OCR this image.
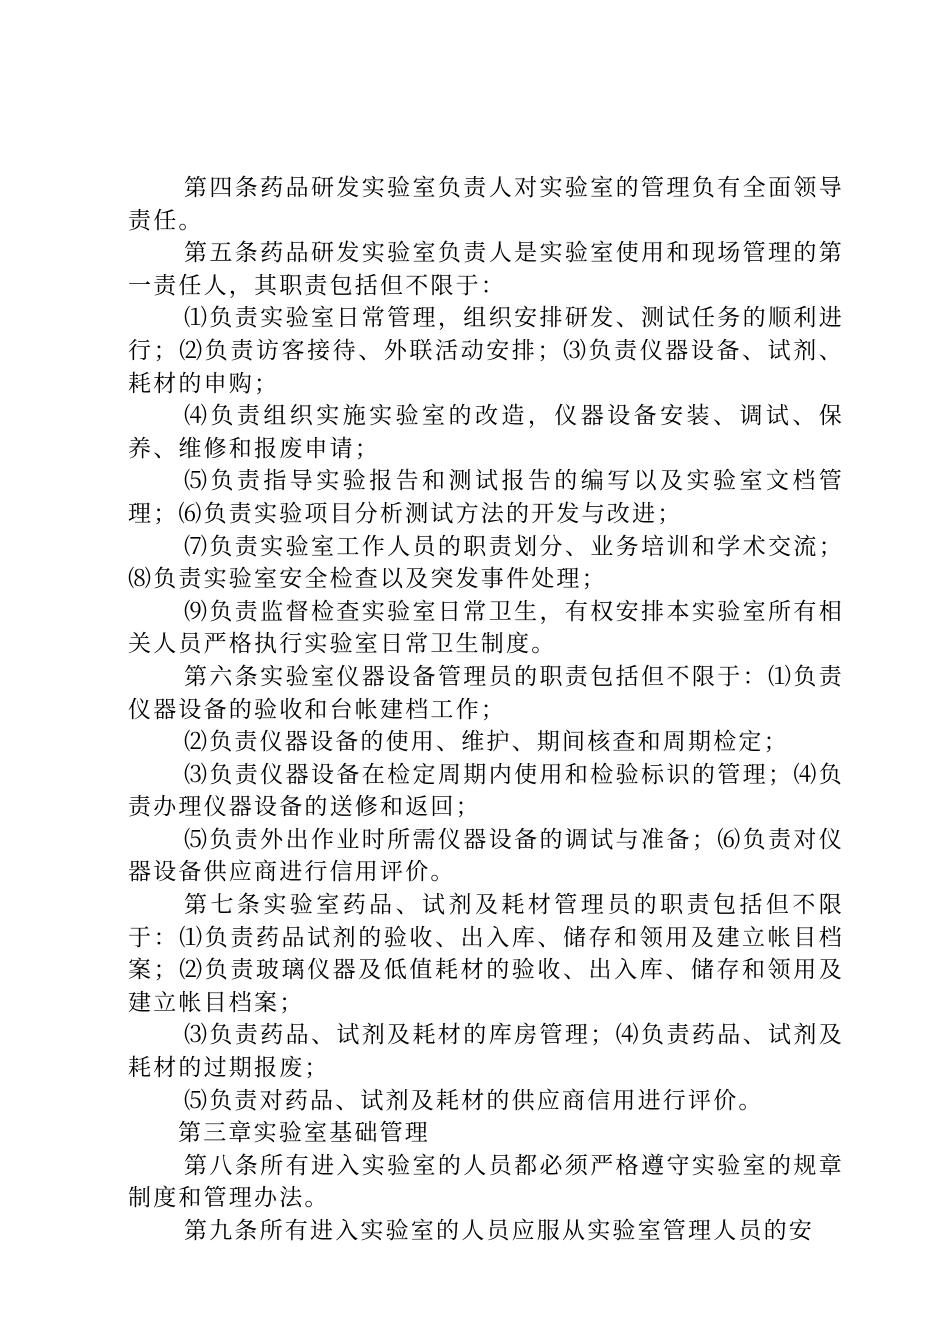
第四条药品研发实验室负责人对实验室的管理负有全面领导责任。

第五条药品研发实验室负责人是实验室使用和现场管理的第一责任人，其职责包括但不限于：

⑴负责实验室日常管理，组织安排研发、测试任务的顺利进行；⑵负责访客接待、外联活动安排；⑶负责仪器设备、试剂、耗材的申购；

⑷负责组织实施实验室的改造，仪器设备安装、调试、保养、维修和报废申请；

⑸负责指导实验报告和测试报告的编写以及实验室文档管理；⑹负责实验项目分析测试方法的开发与改进；

⑺负责实验室工作人员的职责划分、业务培训和学术交流；⑻负责实验室安全检查以及突发事件处理；

⑼负责监督检查实验室日常卫生，有权安排本实验室所有相关人员严格执行实验室日常卫生制度。

第六条实验室仪器设备管理员的职责包括但不限于：⑴负责仪器设备的验收和台帐建档工作；

⑵负责仪器设备的使用、维护、期间核查和周期检定；

⑶负责仪器设备在检定周期内使用和检验标识的管理；⑷负责办理仪器设备的送修和返回；

⑸负责外出作业时所需仪器设备的调试与准备；⑹负责对仪器设备供应商进行信用评价。

第七条实验室药品、试剂及耗材管理员的职责包括但不限于：⑴负责药品试剂的验收、出入库、储存和领用及建立帐目档案；⑵负责玻璃仪器及低值耗材的验收、出入库、储存和领用及建立帐目档案；

⑶负责药品、试剂及耗材的库房管理；⑷负责药品、试剂及耗材的过期报废；

⑸负责对药品、试剂及耗材的供应商信用进行评价。

第三章实验室基础管理

第八条所有进入实验室的人员都必须严格遵守实验室的规章制度和管理办法。

第九条所有进入实验室的人员应服从实验室管理人员的安
